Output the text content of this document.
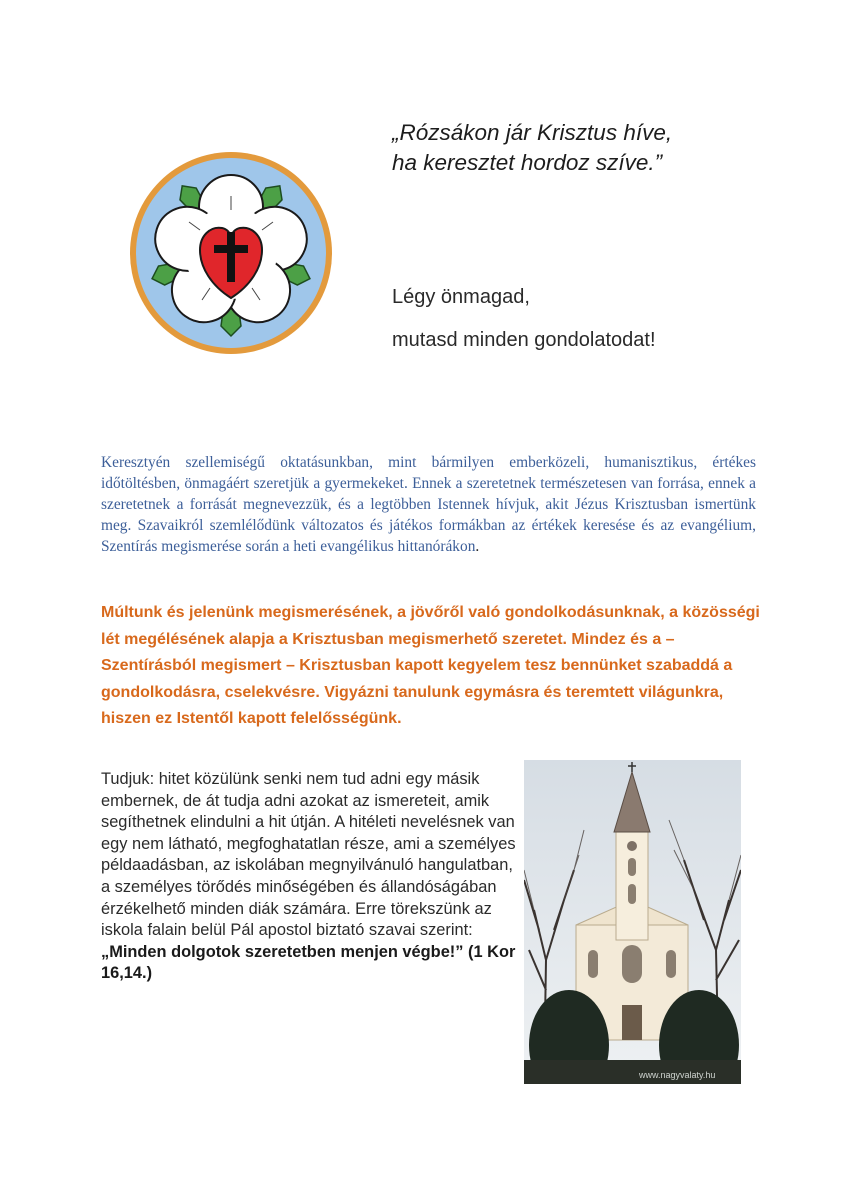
„Rózsákon jár Krisztus híve,
ha keresztet hordoz szíve.”
Légy önmagad,
mutasd minden gondolatodat!
Keresztyén szellemiségű oktatásunkban, mint bármilyen emberközeli, humanisztikus, értékes időtöltésben, önmagáért szeretjük a gyermekeket. Ennek a szeretetnek természetesen van forrása, ennek a szeretetnek a forrását megnevezzük, és a legtöbben Istennek hívjuk, akit Jézus Krisztusban ismertünk meg. Szavaikról szemlélődünk változatos és játékos formákban az értékek keresése és az evangélium, Szentírás megismerése során a heti evangélikus hittanórákon.
Múltunk és jelenünk megismerésének, a jövőről való gondolkodásunknak, a közösségi lét megélésének alapja a Krisztusban megismerhető szeretet. Mindez és a – Szentírásból megismert – Krisztusban kapott kegyelem tesz bennünket szabaddá a gondolkodásra, cselekvésre. Vigyázni tanulunk egymásra és teremtett világunkra, hiszen ez Istentől kapott felelősségünk.
Tudjuk: hitet közülünk senki nem tud adni egy másik embernek, de át tudja adni azokat az ismereteit, amik segíthetnek elindulni a hit útján. A hitéleti nevelésnek van egy nem látható, megfoghatatlan része, ami a személyes példaadásban, az iskolában megnyilvánuló hangulatban, a személyes törődés minőségében és állandóságában érzékelhető minden diák számára. Erre törekszünk az iskola falain belül Pál apostol biztató szavai szerint: „Minden dolgotok szeretetben menjen végbe!” (1 Kor 16,14.)
www.nagyvalaty.hu
